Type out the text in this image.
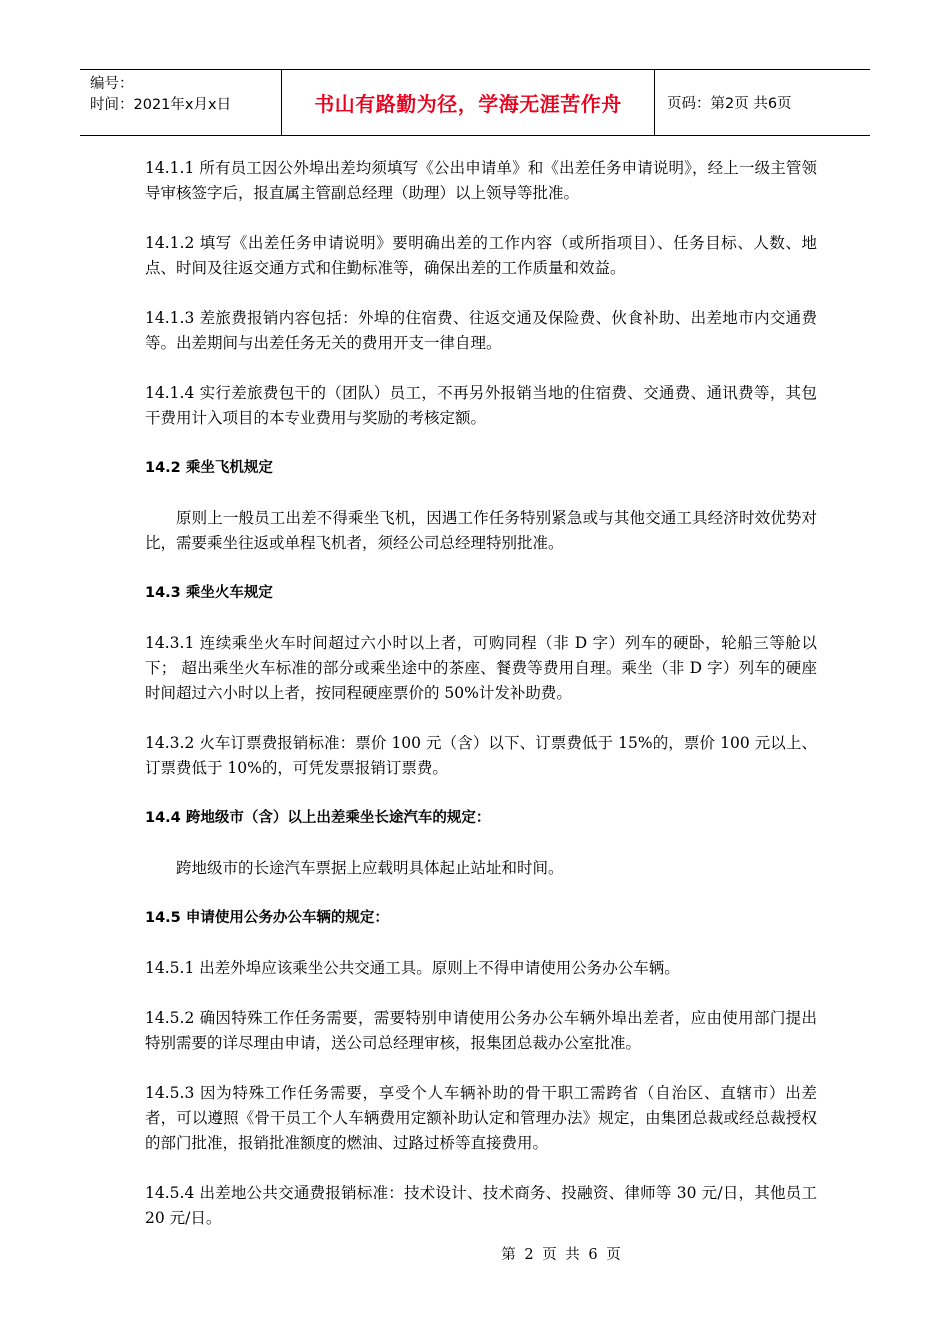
编号：
时间：2021年x月x日	书山有路勤为径，学海无涯苦作舟	页码：第2页 共6页

14.1.1 所有员工因公外埠出差均须填写《公出申请单》和《出差任务申请说明》，经上一级主管领导审核签字后，报直属主管副总经理（助理）以上领导等批准。

14.1.2 填写《出差任务申请说明》要明确出差的工作内容（或所指项目）、任务目标、人数、地点、时间及往返交通方式和住勤标准等，确保出差的工作质量和效益。

14.1.3 差旅费报销内容包括：外埠的住宿费、往返交通及保险费、伙食补助、出差地市内交通费等。出差期间与出差任务无关的费用开支一律自理。

14.1.4 实行差旅费包干的（团队）员工，不再另外报销当地的住宿费、交通费、通讯费等，其包干费用计入项目的本专业费用与奖励的考核定额。

14.2 乘坐飞机规定

原则上一般员工出差不得乘坐飞机，因遇工作任务特别紧急或与其他交通工具经济时效优势对比，需要乘坐往返或单程飞机者，须经公司总经理特别批准。

14.3 乘坐火车规定

14.3.1 连续乘坐火车时间超过六小时以上者，可购同程（非 D 字）列车的硬卧，轮船三等舱以下； 超出乘坐火车标准的部分或乘坐途中的茶座、餐费等费用自理。乘坐（非 D 字）列车的硬座时间超过六小时以上者，按同程硬座票价的 50%计发补助费。

14.3.2 火车订票费报销标准：票价 100 元（含）以下、订票费低于 15%的，票价 100 元以上、订票费低于 10%的，可凭发票报销订票费。

14.4 跨地级市（含）以上出差乘坐长途汽车的规定：

跨地级市的长途汽车票据上应载明具体起止站址和时间。

14.5 申请使用公务办公车辆的规定：

14.5.1 出差外埠应该乘坐公共交通工具。原则上不得申请使用公务办公车辆。

14.5.2 确因特殊工作任务需要，需要特别申请使用公务办公车辆外埠出差者，应由使用部门提出特别需要的详尽理由申请，送公司总经理审核，报集团总裁办公室批准。

14.5.3 因为特殊工作任务需要，享受个人车辆补助的骨干职工需跨省（自治区、直辖市）出差者，可以遵照《骨干员工个人车辆费用定额补助认定和管理办法》规定，由集团总裁或经总裁授权的部门批准，报销批准额度的燃油、过路过桥等直接费用。

14.5.4 出差地公共交通费报销标准：技术设计、技术商务、投融资、律师等 30 元/日，其他员工 20 元/日。

第 2 页 共 6 页
